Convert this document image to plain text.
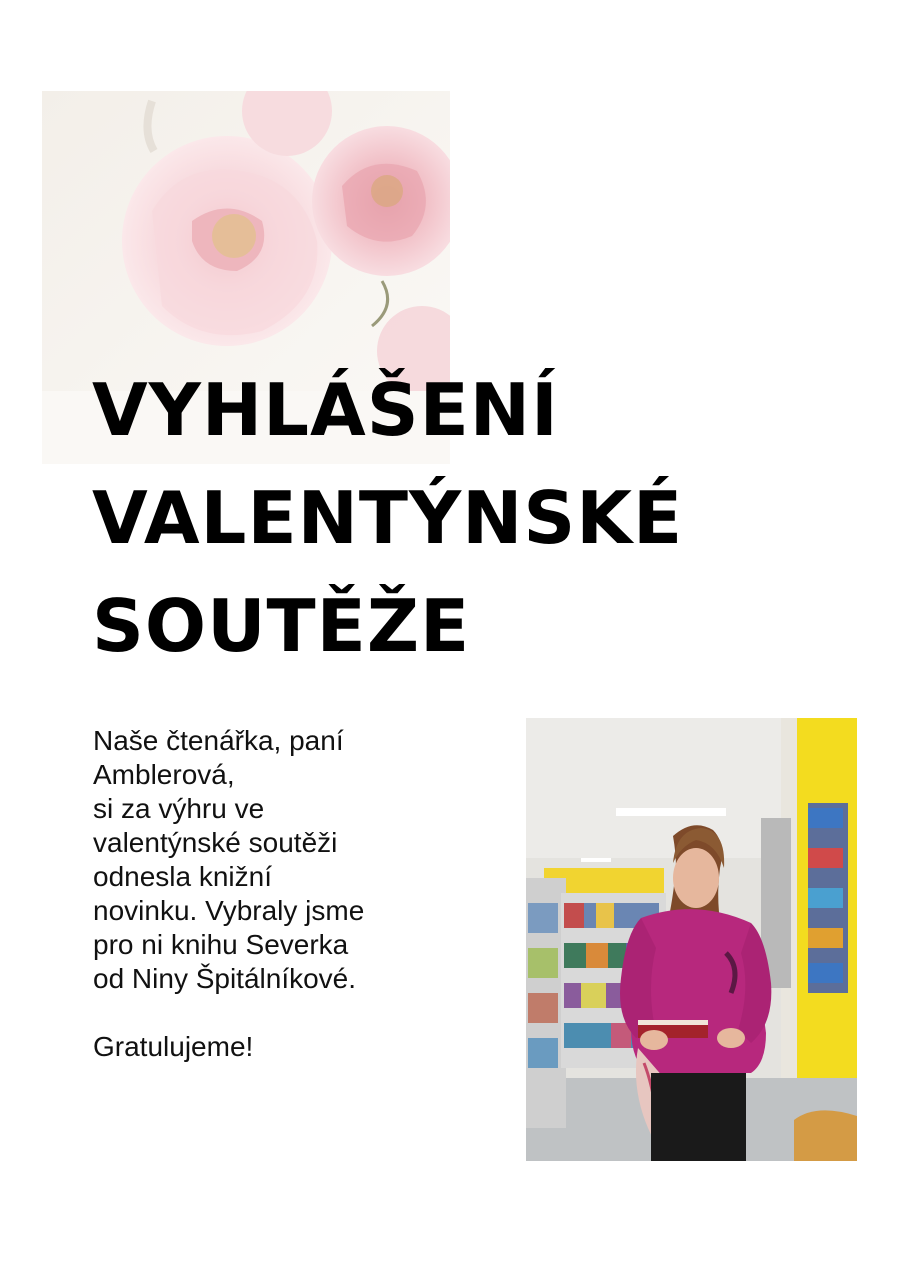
VYHLÁŠENÍ
VALENTÝNSKÉ
SOUTĚŽE
Naše čtenářka, paní
Amblerová,
si za výhru ve
valentýnské soutěži
odnesla knižní
novinku. Vybraly jsme
pro ni knihu Severka
od Niny Špitálníkové.
Gratulujeme!
